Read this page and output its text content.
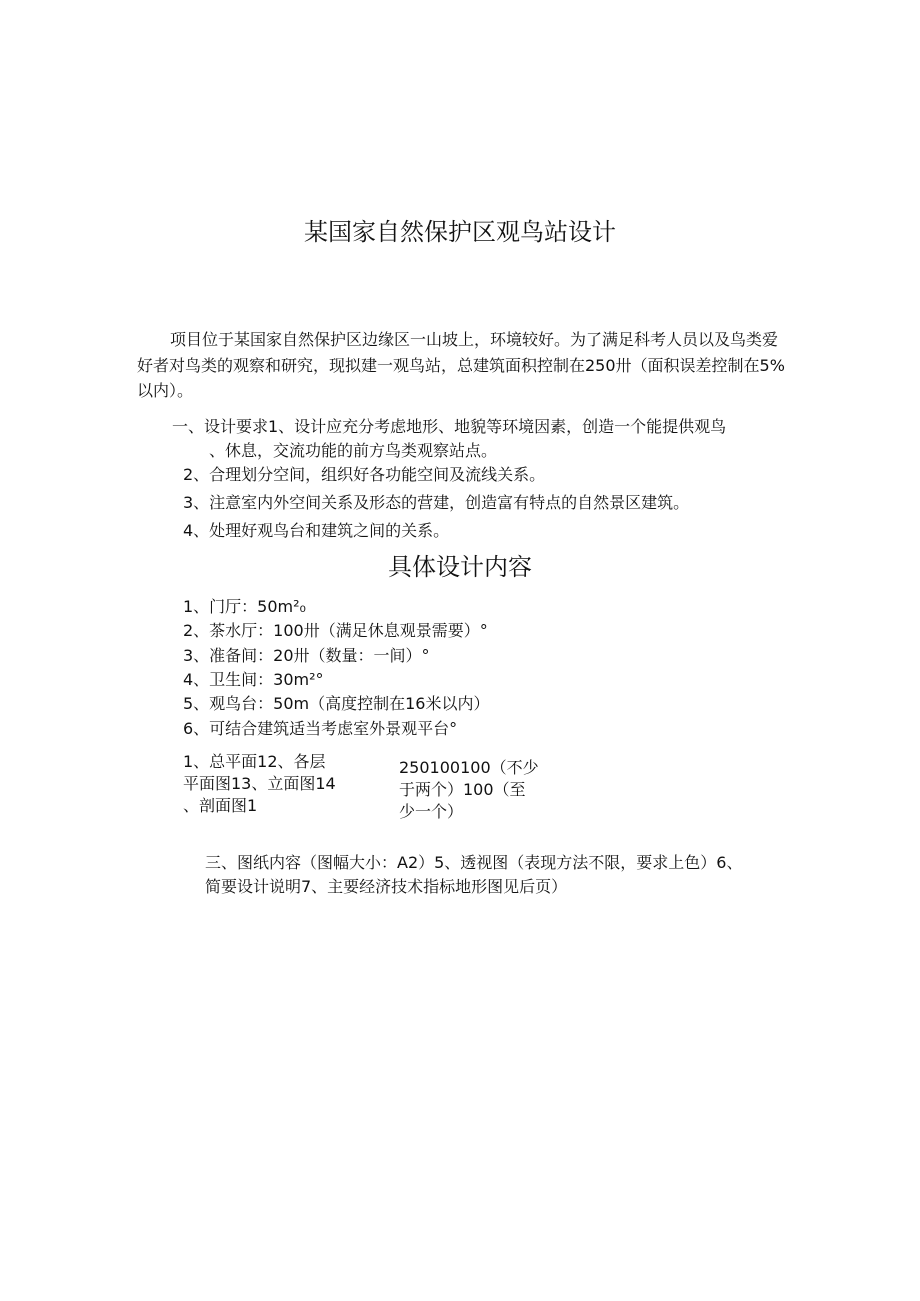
某国家自然保护区观鸟站设计
项目位于某国家自然保护区边缘区一山坡上，环境较好。为了满足科考人员以及鸟类爱好者对鸟类的观察和研究，现拟建一观鸟站，总建筑面积控制在250卅（面积误差控制在5%以内）。
一、设计要求1、设计应充分考虑地形、地貌等环境因素，创造一个能提供观鸟
、休息，交流功能的前方鸟类观察站点。
2、合理划分空间，组织好各功能空间及流线关系。
3、注意室内外空间关系及形态的营建，创造富有特点的自然景区建筑。
4、处理好观鸟台和建筑之间的关系。
具体设计内容
1、门厅：50m²₀
2、茶水厅：100卅（满足休息观景需要）°
3、准备间：20卅（数量：一间）°
4、卫生间：30m²°
5、观鸟台：50m（高度控制在16米以内）
6、可结合建筑适当考虑室外景观平台°
1、总平面12、各层
平面图13、立面图14
、剖面图1
250100100（不少
于两个）100（至
少一个）
三、图纸内容（图幅大小：A2）5、透视图（表现方法不限，要求上色）6、
简要设计说明7、主要经济技术指标地形图见后页）
